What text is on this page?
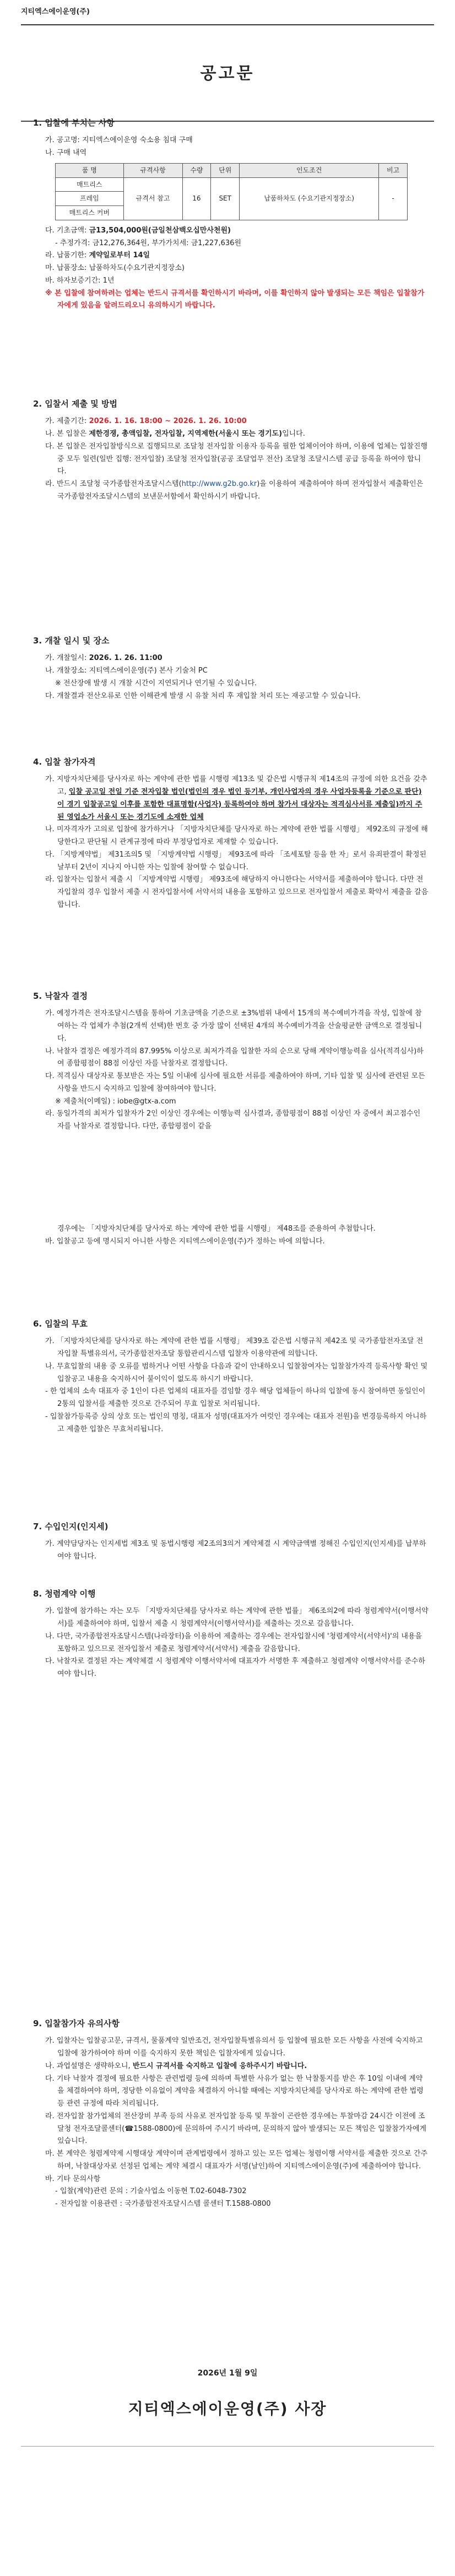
지티엑스에이운영(주)
공고문
1. 입찰에 부치는 사항
가. 공고명: 지티엑스에이운영 숙소용 침대 구매
나. 구매 내역
품 명	규격사항	수량	단위	인도조건	비고
매트리스	규격서 참고	16	SET	납품하차도 (수요기관지정장소)	-
프레임					
매트리스 커버					
다. 기초금액: 금13,504,000원(금일천삼백오십만사천원)
- 추정가격: 금12,276,364원, 부가가치세: 금1,227,636원
라. 납품기한: 계약일로부터 14일
마. 납품장소: 납품하차도(수요기관지정장소)
바. 하자보증기간: 1년
※ 본 입찰에 참여하려는 업체는 반드시 규격서를 확인하시기 바라며, 이를 확인하지 않아 발생되는 모든 책임은 입찰참가자에게 있음을 알려드리오니 유의하시기 바랍니다.
2. 입찰서 제출 및 방법
가. 제출기간: 2026. 1. 16. 18:00 ~ 2026. 1. 26. 10:00
나. 본 입찰은 제한경쟁, 총액입찰, 전자입찰, 지역제한(서울시 또는 경기도)입니다.
다. 본 입찰은 전자입찰방식으로 집행되므로 조달청 전자입찰 이용자 등록을 필한 업체이어야 하며, 이용에 업체는 입찰진행 중 모두 일련(일반 집행: 전자입찰) 조달청 전자입찰(공공 조달업무 전산) 조달청 조달시스템 공급 등록을 하여야 합니다.
라. 반드시 조달청 국가종합전자조달시스템(http://www.g2b.go.kr)을 이용하여 제출하여야 하며 전자입찰서 제출확인은 국가종합전자조달시스템의 보낸문서함에서 확인하시기 바랍니다.
3. 개찰 일시 및 장소
가. 개찰일시: 2026. 1. 26. 11:00
나. 개찰장소: 지티엑스에이운영(주) 본사 기술처 PC
※ 전산장애 발생 시 개찰 시간이 지연되거나 연기될 수 있습니다.
다. 개찰결과 전산오류로 인한 이해관계 발생 시 유찰 처리 후 재입찰 처리 또는 재공고할 수 있습니다.
4. 입찰 참가자격
가. 지방자치단체를 당사자로 하는 계약에 관한 법률 시행령 제13조 및 같은법 시행규칙 제14조의 규정에 의한 요건을 갖추고, 입찰 공고일 전일 기준 전자입찰 법인(법인의 경우 법인 등기부, 개인사업자의 경우 사업자등록을 기준으로 판단)이 경기 입찰공고일 이후를 포함한 대표명함(사업자) 등록하여야 하며 참가서 대상자는 적격심사서류 제출일)까지 주된 영업소가 서울시 또는 경기도에 소재한 업체
나. 미자격자가 고의로 입찰에 참가하거나 「지방자치단체를 당사자로 하는 계약에 관한 법률 시행령」 제92조의 규정에 해당한다고 판단될 시 관계규정에 따라 부정당업자로 제재할 수 있습니다.
다. 「지방계약법」 제31조의5 및 「지방계약법 시행령」 제93조에 따라 「조세포탈 등을 한 자」로서 유죄판결이 확정된 날부터 2년이 지나지 아니한 자는 입찰에 참여할 수 없습니다.
라. 입찰자는 입찰서 제출 시 「지방계약법 시행령」 제93조에 해당하지 아니한다는 서약서를 제출하여야 합니다. 다만 전자입찰의 경우 입찰서 제출 시 전자입찰서에 서약서의 내용을 포함하고 있으므로 전자입찰서 제출로 확약서 제출을 갈음합니다.
5. 낙찰자 결정
가. 예정가격은 전자조달시스템을 통하여 기초금액을 기준으로 ±3%범위 내에서 15개의 복수예비가격을 작성, 입찰에 참여하는 각 업체가 추첨(2개씩 선택)한 번호 중 가장 많이 선택된 4개의 복수예비가격을 산술평균한 금액으로 결정됩니다.
나. 낙찰자 결정은 예정가격의 87.995% 이상으로 최저가격을 입찰한 자의 순으로 당해 계약이행능력을 심사(적격심사)하여 종합평점이 88점 이상인 자를 낙찰자로 결정합니다.
다. 적격심사 대상자로 통보받은 자는 5일 이내에 심사에 필요한 서류를 제출하여야 하며, 기타 입찰 및 심사에 관련된 모든 사항을 반드시 숙지하고 입찰에 참여하여야 합니다.
※ 제출처(이메일) : iobe@gtx-a.com
라. 동일가격의 최저가 입찰자가 2인 이상인 경우에는 이행능력 심사결과, 종합평점이 88점 이상인 자 중에서 최고점수인 자를 낙찰자로 결정합니다. 다만, 종합평점이 같을
경우에는 「지방자치단체를 당사자로 하는 계약에 관한 법률 시행령」 제48조를 준용하여 추첨합니다.
바. 입찰공고 등에 명시되지 아니한 사항은 지티엑스에이운영(주)가 정하는 바에 의합니다.
6. 입찰의 무효
가. 「지방자치단체를 당사자로 하는 계약에 관한 법률 시행령」 제39조 같은법 시행규칙 제42조 및 국가종합전자조달 전자입찰 특별유의서, 국가종합전자조달 통합관리시스템 입찰자 이용약관에 의합니다.
나. 무효입찰의 내용 중 오류를 범하거나 어떤 사항을 다음과 같이 안내하오니 입찰참여자는 입찰참가자격 등록사항 확인 및 입찰공고 내용을 숙지하시어 불이익이 없도록 하시기 바랍니다.
- 한 업체의 소속 대표자 중 1인이 다른 업체의 대표자를 겸임할 경우 해당 업체들이 하나의 입찰에 동시 참여하면 동일인이 2통의 입찰서를 제출한 것으로 간주되어 무효 입찰로 처리됩니다.
- 입찰참가등록증 상의 상호 또는 법인의 명칭, 대표자 성명(대표자가 여럿인 경우에는 대표자 전원)을 변경등록하지 아니하고 제출한 입찰은 무효처리됩니다.
7. 수입인지(인지세)
가. 계약담당자는 인지세법 제3조 및 동법시행령 제2조의3의거 계약체결 시 계약금액별 정해진 수입인지(인지세)를 납부하여야 합니다.
8. 청렴계약 이행
가. 입찰에 참가하는 자는 모두 「지방자치단체를 당사자로 하는 계약에 관한 법률」 제6조의2에 따라 청렴계약서(이행서약서)를 제출하여야 하며, 입찰서 제출 시 청렴계약서(이행서약서)를 제출하는 것으로 갈음합니다.
나. 다만, 국가종합전자조달시스템(나라장터)을 이용하여 제출하는 경우에는 전자입찰시에 '청렴계약서(서약서)'의 내용을 포함하고 있으므로 전자입찰서 제출로 청렴계약서(서약서) 제출을 갈음합니다.
다. 낙찰자로 결정된 자는 계약체결 시 청렴계약 이행서약서에 대표자가 서명한 후 제출하고 청렴계약 이행서약서를 준수하여야 합니다.
9. 입찰참가자 유의사항
가. 입찰자는 입찰공고문, 규격서, 물품계약 일반조건, 전자입찰특별유의서 등 입찰에 필요한 모든 사항을 사전에 숙지하고 입찰에 참가하여야 하며 이를 숙지하지 못한 책임은 입찰자에게 있습니다.
나. 과업설명은 생략하오니, 반드시 규격서를 숙지하고 입찰에 응하주시기 바랍니다.
다. 기타 낙찰자 결정에 필요한 사항은 관련법령 등에 의하며 특별한 사유가 없는 한 낙찰통지를 받은 후 10일 이내에 계약을 체결하여야 하며, 정당한 이유없이 계약을 체결하지 아니할 때에는 지방자치단체를 당사자로 하는 계약에 관한 법령 등 관련 규정에 따라 처리됩니다.
라. 전자입찰 참가업체의 전산장비 부족 등의 사유로 전자입찰 등록 및 투찰이 곤란한 경우에는 투찰마감 24시간 이전에 조달청 전자조달콜센터(☎1588-0800)에 문의하여 주시기 바라며, 문의하지 않아 발생되는 모든 책임은 입찰참가자에게 있습니다.
마. 본 계약은 청렴계약제 시행대상 계약이며 관계법령에서 정하고 있는 모든 업체는 청렴이행 서약서를 제출한 것으로 간주하며, 낙찰대상자로 선정된 업체는 계약 체결시 대표자가 서명(날인)하여 지티엑스에이운영(주)에 제출하여야 합니다.
바. 기타 문의사항
- 입찰(계약)관련 문의 : 기술사업소 이동현 T.02-6048-7302
- 전자입찰 이용관련 : 국가종합전자조달시스템 콜센터 T.1588-0800
2026년 1월 9일
지티엑스에이운영(주) 사장
